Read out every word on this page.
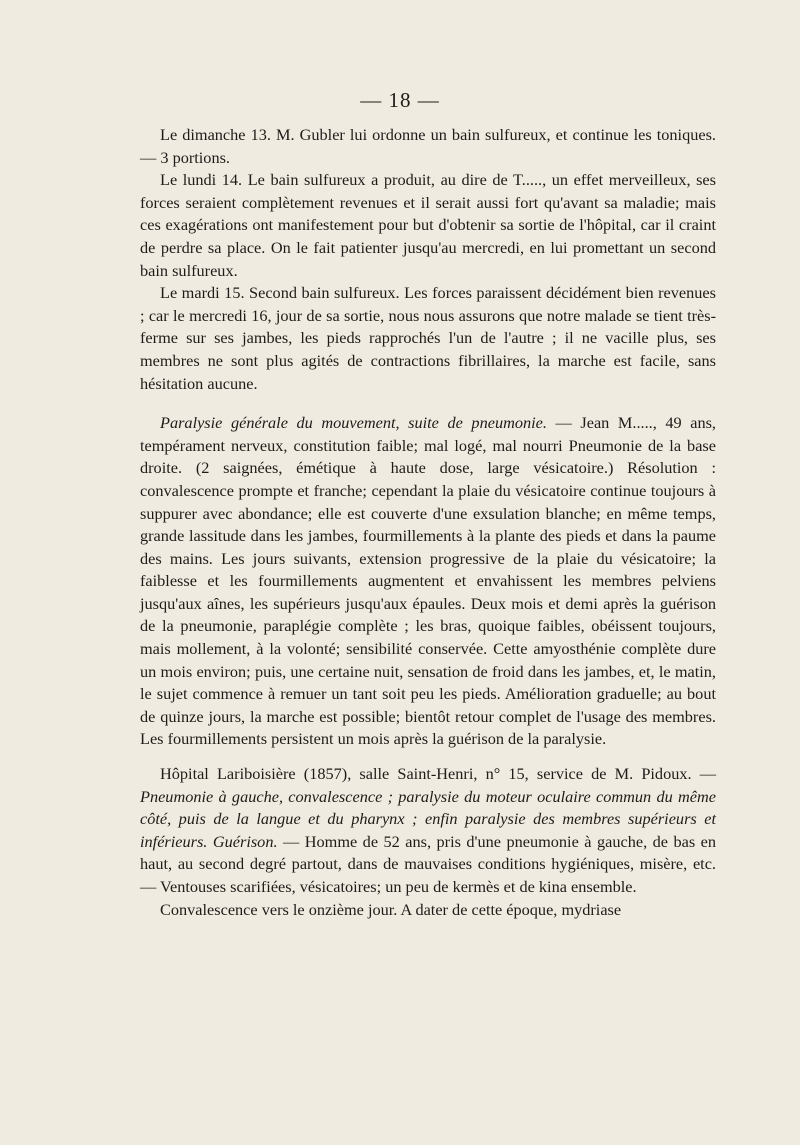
— 18 —

Le dimanche 13. M. Gubler lui ordonne un bain sulfureux, et continue les toniques. — 3 portions.

Le lundi 14. Le bain sulfureux a produit, au dire de T....., un effet merveilleux, ses forces seraient complètement revenues et il serait aussi fort qu'avant sa maladie; mais ces exagérations ont manifestement pour but d'obtenir sa sortie de l'hôpital, car il craint de perdre sa place. On le fait patienter jusqu'au mercredi, en lui promettant un second bain sulfureux.

Le mardi 15. Second bain sulfureux. Les forces paraissent décidément bien revenues ; car le mercredi 16, jour de sa sortie, nous nous assurons que notre malade se tient très-ferme sur ses jambes, les pieds rapprochés l'un de l'autre ; il ne vacille plus, ses membres ne sont plus agités de contractions fibrillaires, la marche est facile, sans hésitation aucune.

Paralysie générale du mouvement, suite de pneumonie. — Jean M....., 49 ans, tempérament nerveux, constitution faible; mal logé, mal nourri Pneumonie de la base droite. (2 saignées, émétique à haute dose, large vésicatoire.) Résolution : convalescence prompte et franche; cependant la plaie du vésicatoire continue toujours à suppurer avec abondance; elle est couverte d'une exsulation blanche; en même temps, grande lassitude dans les jambes, fourmillements à la plante des pieds et dans la paume des mains. Les jours suivants, extension progressive de la plaie du vésicatoire; la faiblesse et les fourmillements augmentent et envahissent les membres pelviens jusqu'aux aînes, les supérieurs jusqu'aux épaules. Deux mois et demi après la guérison de la pneumonie, paraplégie complète ; les bras, quoique faibles, obéissent toujours, mais mollement, à la volonté; sensibilité conservée. Cette amyosthénie complète dure un mois environ; puis, une certaine nuit, sensation de froid dans les jambes, et, le matin, le sujet commence à remuer un tant soit peu les pieds. Amélioration graduelle; au bout de quinze jours, la marche est possible; bientôt retour complet de l'usage des membres. Les fourmillements persistent un mois après la guérison de la paralysie.

Hôpital Lariboisière (1857), salle Saint-Henri, n° 15, service de M. Pidoux. — Pneumonie à gauche, convalescence ; paralysie du moteur oculaire commun du même côté, puis de la langue et du pharynx ; enfin paralysie des membres supérieurs et inférieurs. Guérison. — Homme de 52 ans, pris d'une pneumonie à gauche, de bas en haut, au second degré partout, dans de mauvaises conditions hygiéniques, misère, etc. — Ventouses scarifiées, vésicatoires; un peu de kermès et de kina ensemble.

Convalescence vers le onzième jour. A dater de cette époque, mydriase
